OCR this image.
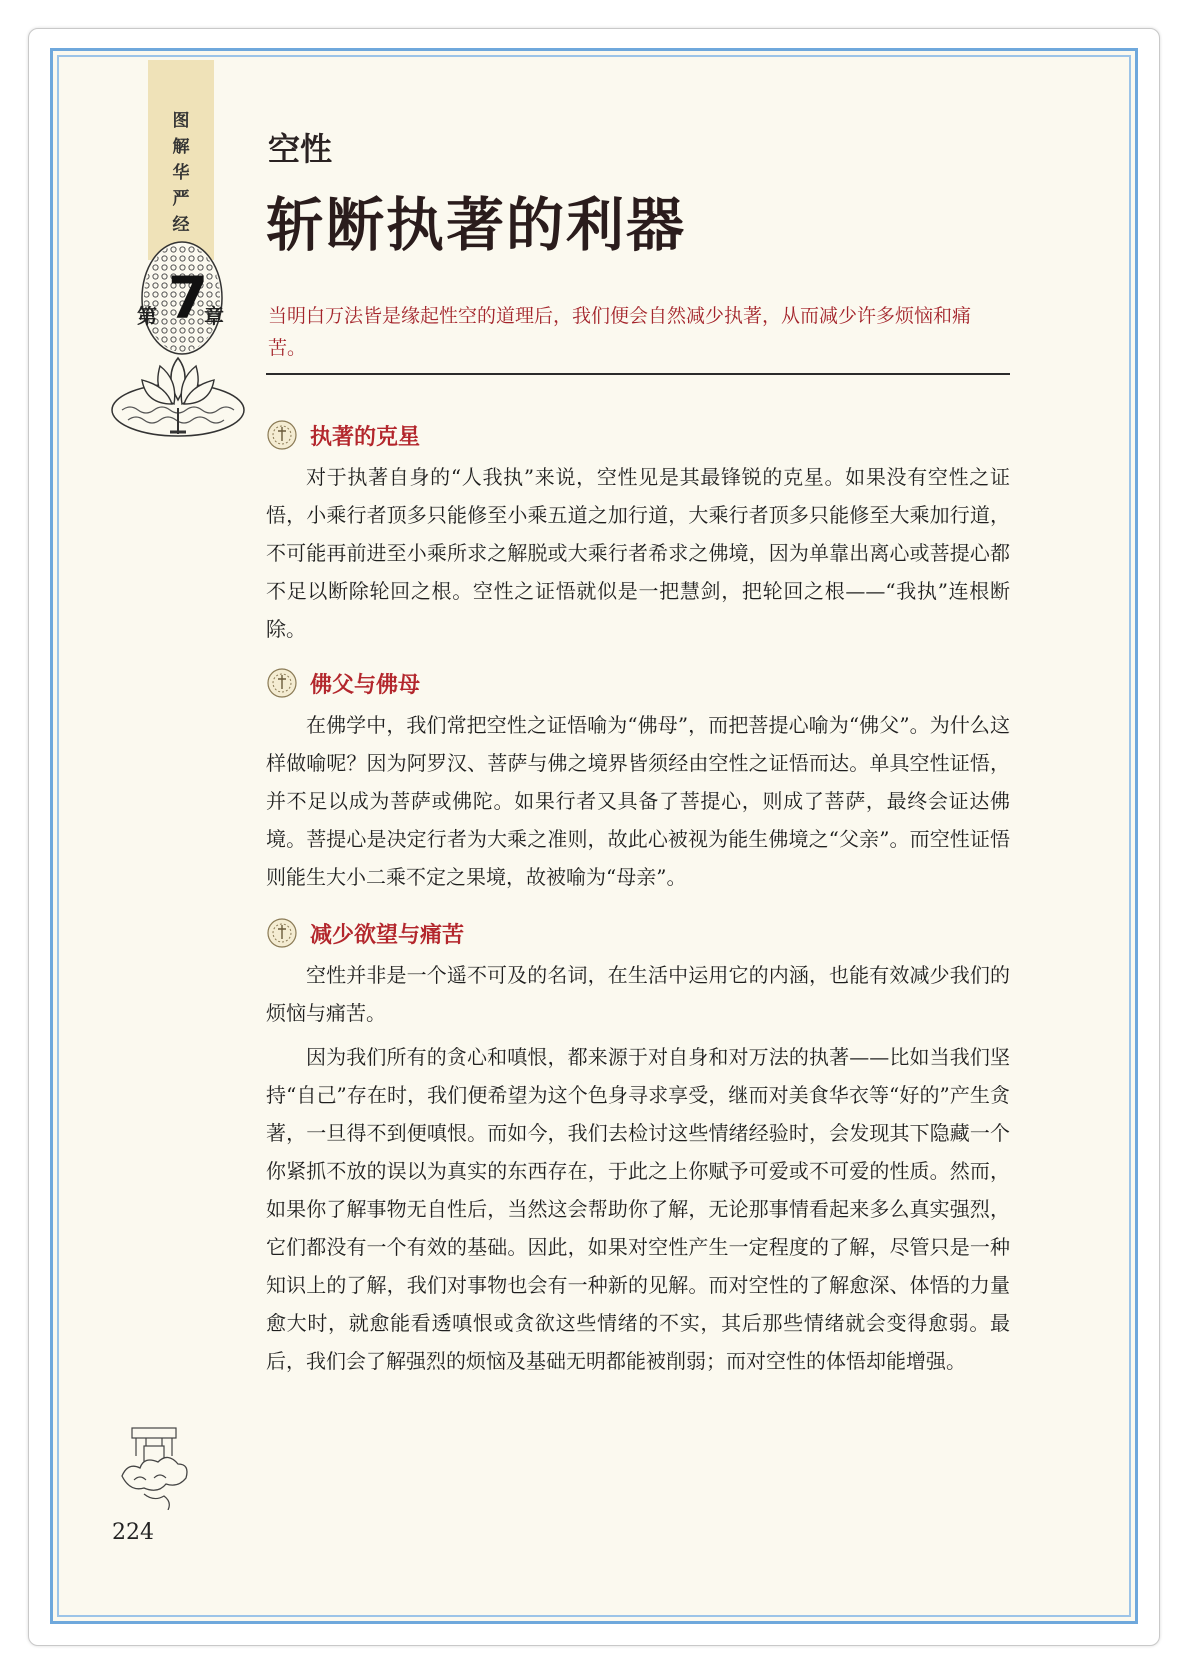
图解华严经
第 7
章
空性
斩断执著的利器
当明白万法皆是缘起性空的道理后，我们便会自然减少执著，从而减少许多烦恼和痛苦。
执著的克星

对于执著自身的“人我执”来说，空性见是其最锋锐的克星。如果没有空性之证悟，小乘行者顶多只能修至小乘五道之加行道，大乘行者顶多只能修至大乘加行道，不可能再前进至小乘所求之解脱或大乘行者希求之佛境，因为单靠出离心或菩提心都不足以断除轮回之根。空性之证悟就似是一把慧剑，把轮回之根——“我执”连根断除。

佛父与佛母

在佛学中，我们常把空性之证悟喻为“佛母”，而把菩提心喻为“佛父”。为什么这样做喻呢？因为阿罗汉、菩萨与佛之境界皆须经由空性之证悟而达。单具空性证悟，并不足以成为菩萨或佛陀。如果行者又具备了菩提心，则成了菩萨，最终会证达佛境。菩提心是决定行者为大乘之准则，故此心被视为能生佛境之“父亲”。而空性证悟则能生大小二乘不定之果境，故被喻为“母亲”。

减少欲望与痛苦

空性并非是一个遥不可及的名词，在生活中运用它的内涵，也能有效减少我们的烦恼与痛苦。

因为我们所有的贪心和嗔恨，都来源于对自身和对万法的执著——比如当我们坚持“自己”存在时，我们便希望为这个色身寻求享受，继而对美食华衣等“好的”产生贪著，一旦得不到便嗔恨。而如今，我们去检讨这些情绪经验时，会发现其下隐藏一个你紧抓不放的误以为真实的东西存在，于此之上你赋予可爱或不可爱的性质。然而，如果你了解事物无自性后，当然这会帮助你了解，无论那事情看起来多么真实强烈，它们都没有一个有效的基础。因此，如果对空性产生一定程度的了解，尽管只是一种知识上的了解，我们对事物也会有一种新的见解。而对空性的了解愈深、体悟的力量愈大时，就愈能看透嗔恨或贪欲这些情绪的不实，其后那些情绪就会变得愈弱。最后，我们会了解强烈的烦恼及基础无明都能被削弱；而对空性的体悟却能增强。

224
